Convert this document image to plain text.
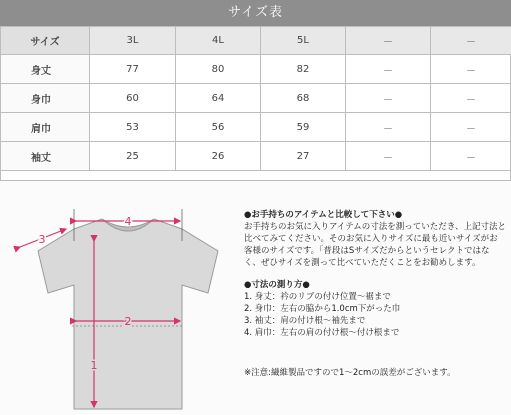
サイズ表
サイズ	3L	4L	5L	－	－
身丈	77	80	82	－	－
身巾	60	64	68	－	－
肩巾	53	56	59	－	－
袖丈	25	26	27	－	－
4
2
1
3
●お手持ちのアイテムと比較して下さい●
お手持ちのお気に入りアイテムの寸法を測っていただき、上記寸法と比べてみてください。そのお気に入りサイズに最も近いサイズがお客様のサイズです。「普段はSサイズだからというセレクトではなく、ぜひサイズを測って比べていただくことをお勧めします。
●寸法の測り方●
1. 身丈：衿のリブの付け位置～裾まで
2. 身巾：左右の脇から1.0cm下がった巾
3. 袖丈：肩の付け根～袖先まで
4. 肩巾：左右の肩の付け根～付け根まで
※注意:繊維製品ですので1～2cmの誤差がございます。
